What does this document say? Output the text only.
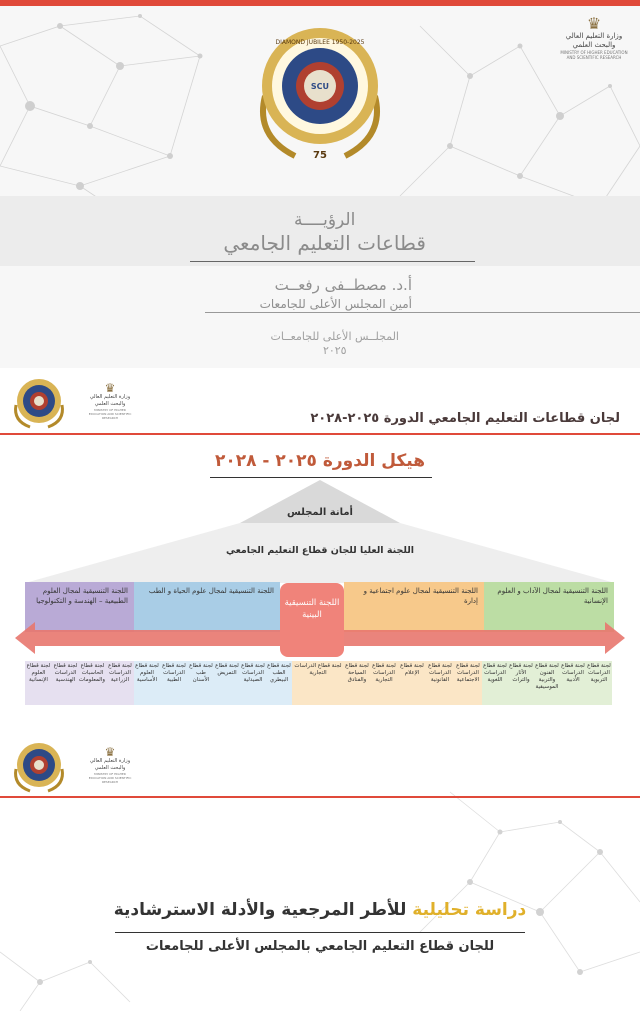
DIAMOND JUBILEE 1950-2025
SCU
75
♛
وزارة التعليم العالي والبحث العلمي
MINISTRY OF HIGHER EDUCATION AND SCIENTIFIC RESEARCH
الرؤيــــة
قطاعات التعليم الجامعي
أ.د. مصطــفى رفعــت
أمين المجلس الأعلى للجامعات
المجلــس الأعلى للجامعــات
٢٠٢٥
♛
وزارة التعليم العالي والبحث العلمي
MINISTRY OF HIGHER EDUCATION AND SCIENTIFIC RESEARCH	لجان قطاعات التعليم الجامعي الدورة ٢٠٢٥-٢٠٢٨
هيكل الدورة ٢٠٢٥ - ٢٠٢٨
أمانة المجلس
اللجنة العليا للجان قطاع التعليم الجامعي
اللجنة التنسيقية لمجال الآداب و العلوم الإنسانية
اللجنة التنسيقية لمجال علوم اجتماعية و إدارة
اللجنة التنسيقية لمجال علوم الحياة و الطب
اللجنة التنسيقية لمجال العلوم الطبيعية – الهندسة و التكنولوجيا	اللجنة التنسيقية البينية
لجنة قطاع الدراسات التربوية
لجنة قطاع الدراسات الأدبية
لجنة قطاع الفنون والتربية الموسيقية
لجنة قطاع الآثار والتراث
لجنة قطاع الدراسات اللغوية
لجنة قطاع الدراسات الاجتماعية
لجنة قطاع الدراسات القانونية
لجنة قطاع الإعلام
لجنة قطاع الدراسات التجارية
لجنة قطاع السياحة والفنادق
لجنة قطاع الدراسات التجارية
لجنة قطاع الطب البيطري
لجنة قطاع الدراسات الصيدلية
لجنة قطاع التمريض
لجنة قطاع طب الأسنان
لجنة قطاع الدراسات الطبية
لجنة قطاع العلوم الأساسية
لجنة قطاع الدراسات الزراعية
لجنة قطاع الحاسبات والمعلومات
لجنة قطاع الدراسات الهندسية
لجنة قطاع العلوم الإنسانية
♛
وزارة التعليم العالي والبحث العلمي
MINISTRY OF HIGHER EDUCATION AND SCIENTIFIC RESEARCH
دراسة تحليلية للأطر المرجعية والأدلة الاسترشادية
للجان قطاع التعليم الجامعي بالمجلس الأعلى للجامعات
